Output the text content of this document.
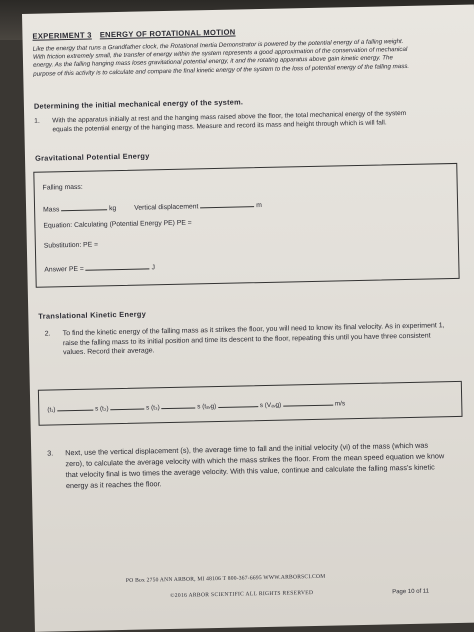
EXPERIMENT 3 ENERGY OF ROTATIONAL MOTION
Like the energy that runs a Grandfather clock, the Rotational Inertia Demonstrator is powered by the potential energy of a falling weight. With friction extremely small, the transfer of energy within the system represents a good approximation of the conservation of mechanical energy. As the falling hanging mass loses gravitational potential energy, it and the rotating apparatus above gain kinetic energy. The purpose of this activity is to calculate and compare the final kinetic energy of the system to the loss of potential energy of the falling mass.
Determining the initial mechanical energy of the system.
1. With the apparatus initially at rest and the hanging mass raised above the floor, the total mechanical energy of the system equals the potential energy of the hanging mass. Measure and record its mass and height through which is will fall.
Gravitational Potential Energy
Falling mass:
Mass	kg	Vertical displacement	m
Equation: Calculating (Potential Energy PE) PE =
Substitution: PE =
Answer PE =	J
Translational Kinetic Energy
2. To find the kinetic energy of the falling mass as it strikes the floor, you will need to know its final velocity. As in experiment 1, raise the falling mass to its initial position and time its descent to the floor, repeating this until you have three consistent values. Record their average.
(t₁)	s (t₂)	s (t₃)	s (tₐᵥg)	s (Vₐᵥg)	m/s
3. Next, use the vertical displacement (s), the average time to fall and the initial velocity (vi) of the mass (which was zero), to calculate the average velocity with which the mass strikes the floor. From the mean speed equation we know that velocity final is two times the average velocity. With this value, continue and calculate the falling mass's kinetic energy as it reaches the floor.
PO Box 2750 ANN ARBOR, MI 48106 T 800-367-6695 WWW.ARBORSCI.COM
©2016 ARBOR SCIENTIFIC ALL RIGHTS RESERVED	Page 10 of 11
